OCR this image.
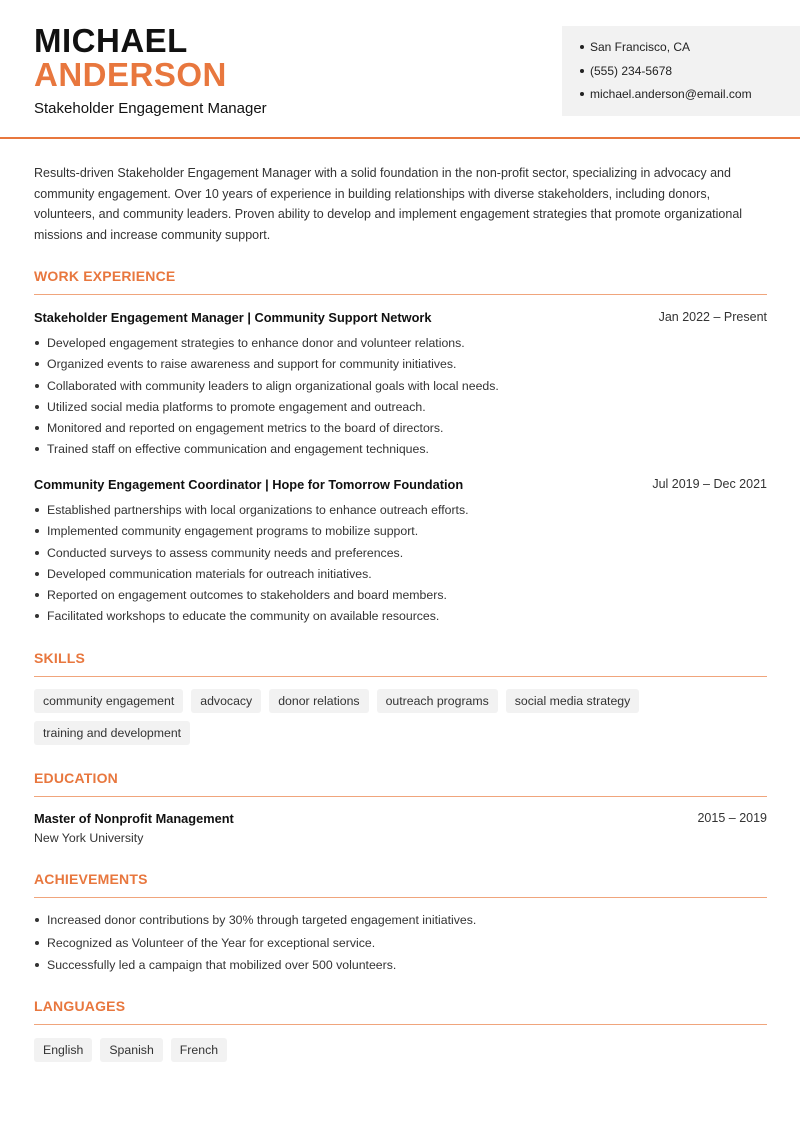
MICHAEL
ANDERSON
Stakeholder Engagement Manager
San Francisco, CA
(555) 234-5678
michael.anderson@email.com

Results-driven Stakeholder Engagement Manager with a solid foundation in the non-profit sector, specializing in advocacy and community engagement. Over 10 years of experience in building relationships with diverse stakeholders, including donors, volunteers, and community leaders. Proven ability to develop and implement engagement strategies that promote organizational missions and increase community support.

WORK EXPERIENCE
Stakeholder Engagement Manager | Community Support Network	Jan 2022 – Present
Developed engagement strategies to enhance donor and volunteer relations.
Organized events to raise awareness and support for community initiatives.
Collaborated with community leaders to align organizational goals with local needs.
Utilized social media platforms to promote engagement and outreach.
Monitored and reported on engagement metrics to the board of directors.
Trained staff on effective communication and engagement techniques.
Community Engagement Coordinator | Hope for Tomorrow Foundation	Jul 2019 – Dec 2021
Established partnerships with local organizations to enhance outreach efforts.
Implemented community engagement programs to mobilize support.
Conducted surveys to assess community needs and preferences.
Developed communication materials for outreach initiatives.
Reported on engagement outcomes to stakeholders and board members.
Facilitated workshops to educate the community on available resources.
SKILLS
community engagement	advocacy	donor relations	outreach programs	social media strategy
training and development
EDUCATION
Master of Nonprofit Management	2015 – 2019
New York University
ACHIEVEMENTS
Increased donor contributions by 30% through targeted engagement initiatives.
Recognized as Volunteer of the Year for exceptional service.
Successfully led a campaign that mobilized over 500 volunteers.
LANGUAGES
English	Spanish	French
